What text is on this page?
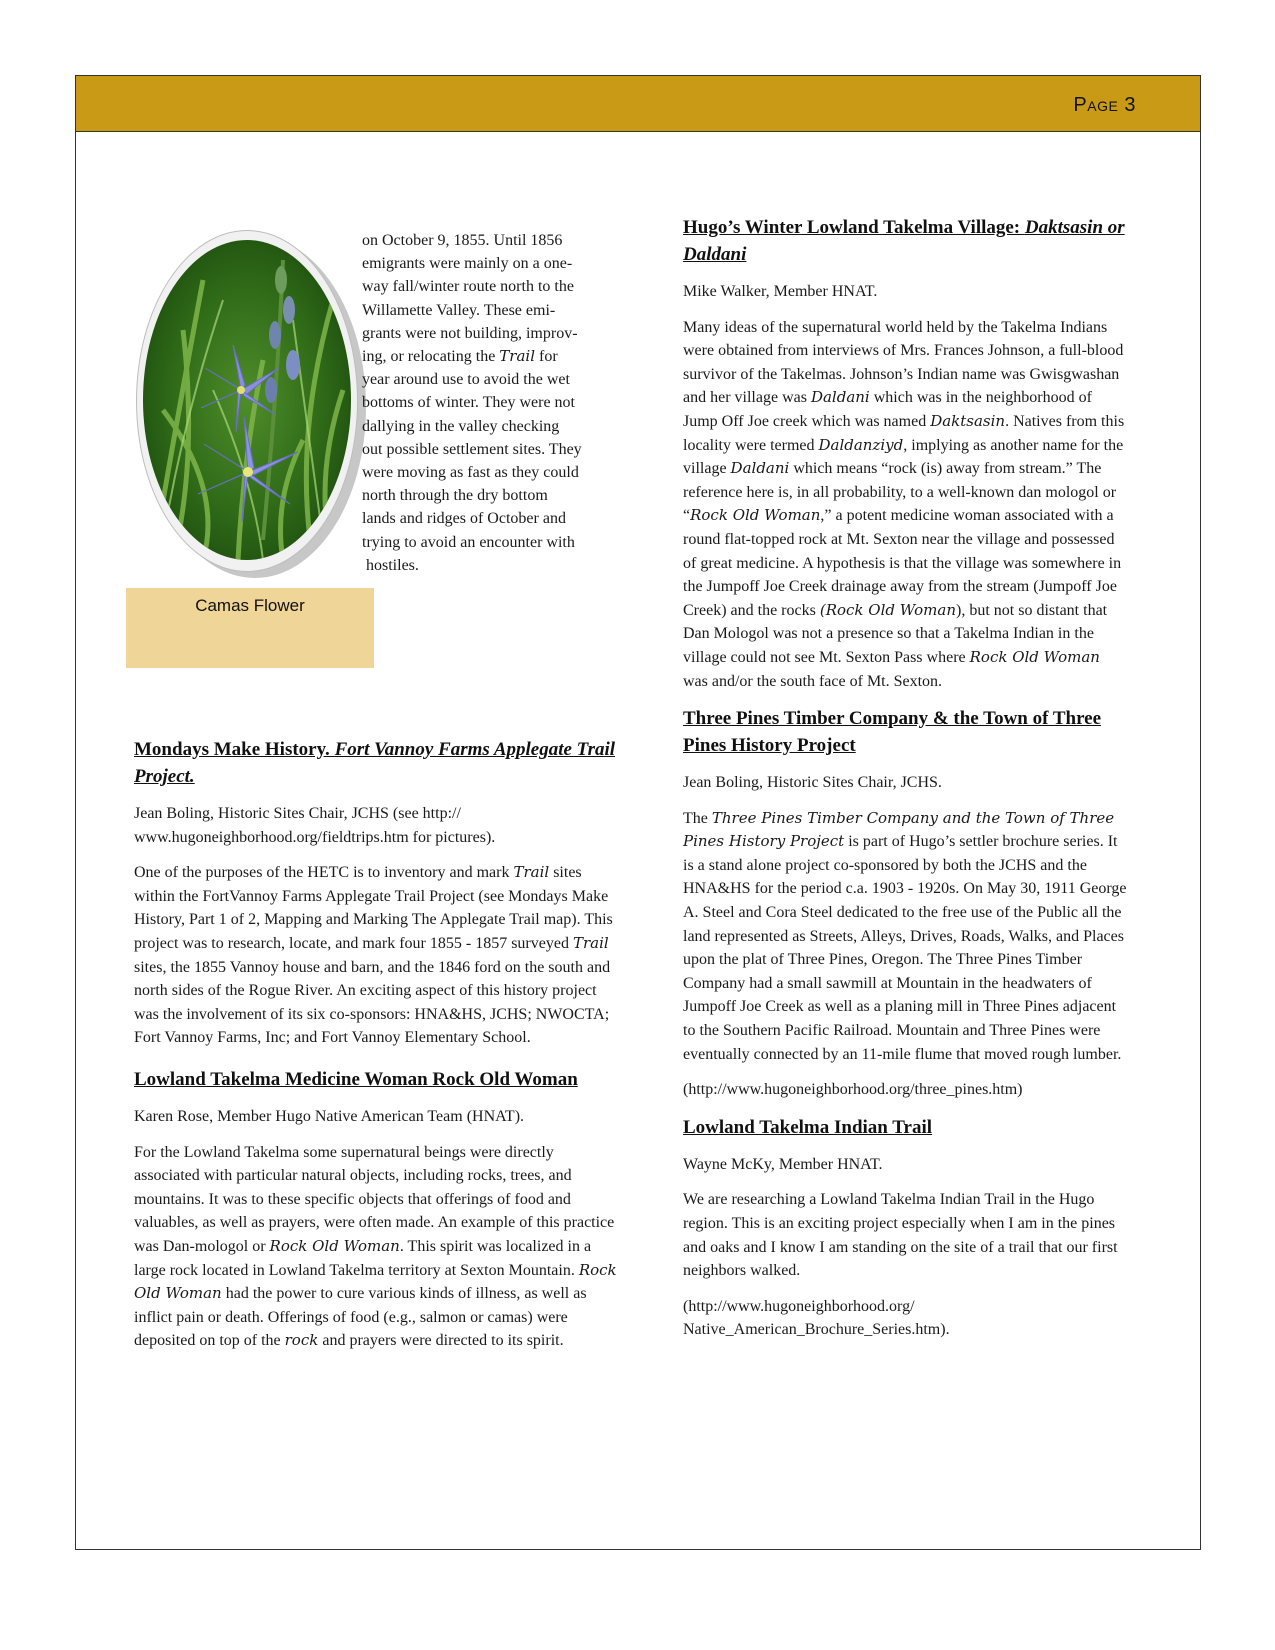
Page 3
Camas Flower
on October 9, 1855. Until 1856
emigrants were mainly on a one-
way fall/winter route north to the
Willamette Valley. These emi-
grants were not building, improv-
ing, or relocating the Trail for
year around use to avoid the wet
bottoms of winter. They were not
dallying in the valley checking
out possible settlement sites. They
were moving as fast as they could
north through the dry bottom
lands and ridges of October and
trying to avoid an encounter with
hostiles.
Mondays Make History. Fort Vannoy Farms Applegate Trail Project.

Jean Boling, Historic Sites Chair, JCHS (see http:// www.hugoneighborhood.org/fieldtrips.htm for pictures).

One of the purposes of the HETC is to inventory and mark Trail sites within the FortVannoy Farms Applegate Trail Project (see Mondays Make History, Part 1 of 2, Mapping and Marking The Applegate Trail map). This project was to research, locate, and mark four 1855 - 1857 surveyed Trail sites, the 1855 Vannoy house and barn, and the 1846 ford on the south and north sides of the Rogue River. An exciting aspect of this history project was the involvement of its six co-sponsors: HNA&HS, JCHS; NWOCTA; Fort Vannoy Farms, Inc; and Fort Vannoy Elementary School.

Lowland Takelma Medicine Woman Rock Old Woman

Karen Rose, Member Hugo Native American Team (HNAT).

For the Lowland Takelma some supernatural beings were directly associated with particular natural objects, including rocks, trees, and mountains. It was to these specific objects that offerings of food and valuables, as well as prayers, were often made. An example of this practice was Dan-mologol or Rock Old Woman. This spirit was localized in a large rock located in Lowland Takelma territory at Sexton Mountain. Rock Old Woman had the power to cure various kinds of illness, as well as inflict pain or death. Offerings of food (e.g., salmon or camas) were deposited on top of the rock and prayers were directed to its spirit.

Hugo’s Winter Lowland Takelma Village: Daktsasin or Daldani

Mike Walker, Member HNAT.

Many ideas of the supernatural world held by the Takelma Indians were obtained from interviews of Mrs. Frances Johnson, a full-blood survivor of the Takelmas. Johnson’s Indian name was Gwisgwashan and her village was Daldani which was in the neighborhood of Jump Off Joe creek which was named Daktsasin. Natives from this locality were termed Daldanziyd, implying as another name for the village Daldani which means “rock (is) away from stream.” The reference here is, in all probability, to a well-known dan mologol or “Rock Old Woman,” a potent medicine woman associated with a round flat-topped rock at Mt. Sexton near the village and possessed of great medicine. A hypothesis is that the village was somewhere in the Jumpoff Joe Creek drainage away from the stream (Jumpoff Joe Creek) and the rocks (Rock Old Woman), but not so distant that Dan Mologol was not a presence so that a Takelma Indian in the village could not see Mt. Sexton Pass where Rock Old Woman was and/or the south face of Mt. Sexton.

Three Pines Timber Company & the Town of Three Pines History Project

Jean Boling, Historic Sites Chair, JCHS.

The Three Pines Timber Company and the Town of Three Pines History Project is part of Hugo’s settler brochure series. It is a stand alone project co-sponsored by both the JCHS and the HNA&HS for the period c.a. 1903 - 1920s. On May 30, 1911 George A. Steel and Cora Steel dedicated to the free use of the Public all the land represented as Streets, Alleys, Drives, Roads, Walks, and Places upon the plat of Three Pines, Oregon. The Three Pines Timber Company had a small sawmill at Mountain in the headwaters of Jumpoff Joe Creek as well as a planing mill in Three Pines adjacent to the Southern Pacific Railroad. Mountain and Three Pines were eventually connected by an 11-mile flume that moved rough lumber.

(http://www.hugoneighborhood.org/three_pines.htm)

Lowland Takelma Indian Trail

Wayne McKy, Member HNAT.

We are researching a Lowland Takelma Indian Trail in the Hugo region. This is an exciting project especially when I am in the pines and oaks and I know I am standing on the site of a trail that our first neighbors walked.

(http://www.hugoneighborhood.org/
Native_American_Brochure_Series.htm).
